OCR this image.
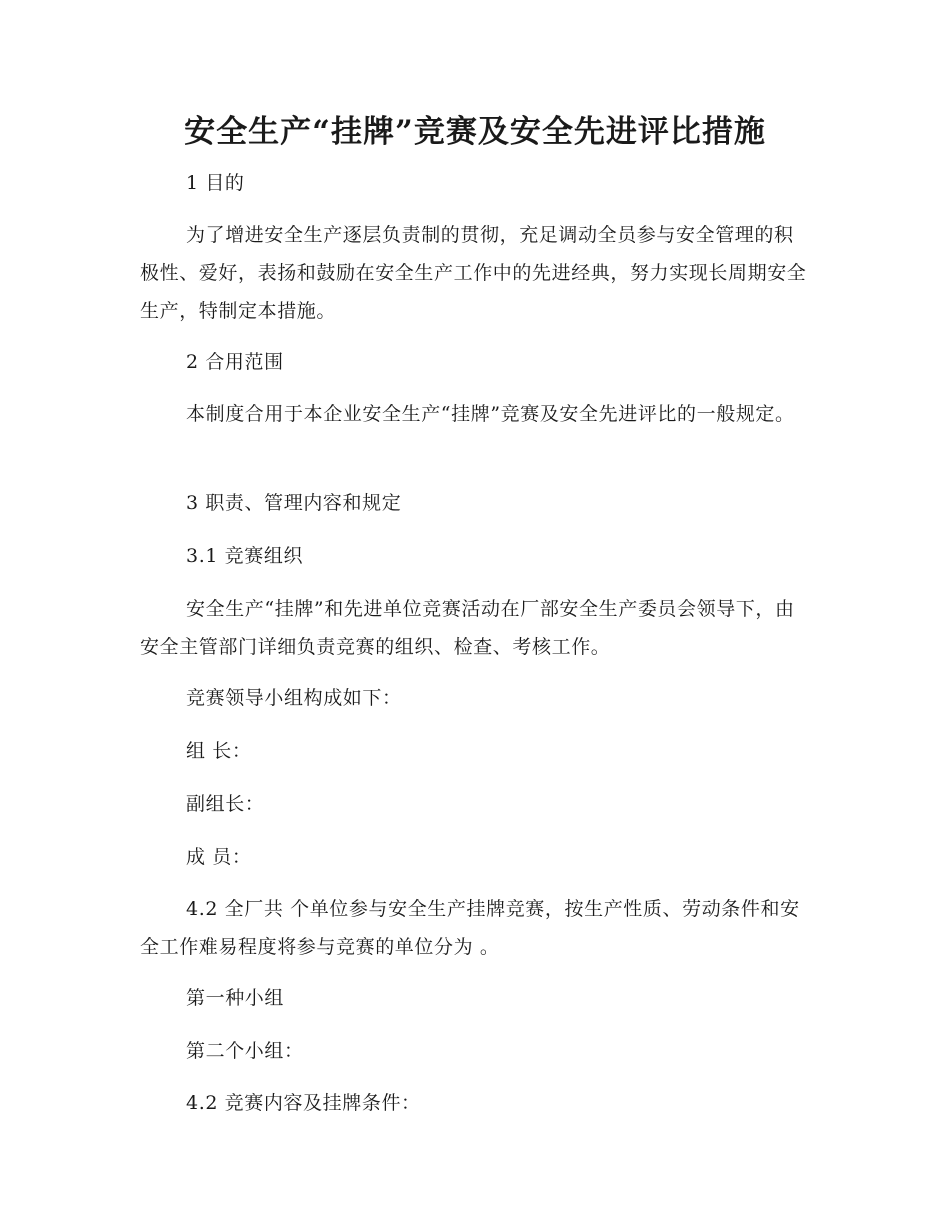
安全生产“挂牌”竞赛及安全先进评比措施

1 目的

为了增进安全生产逐层负责制的贯彻，充足调动全员参与安全管理的积极性、爱好，表扬和鼓励在安全生产工作中的先进经典，努力实现长周期安全生产，特制定本措施。

2 合用范围

本制度合用于本企业安全生产“挂牌”竞赛及安全先进评比的一般规定。

3 职责、管理内容和规定

3.1 竞赛组织

安全生产“挂牌”和先进单位竞赛活动在厂部安全生产委员会领导下，由安全主管部门详细负责竞赛的组织、检查、考核工作。

竞赛领导小组构成如下：

组 长：

副组长：

成 员：

4.2 全厂共 个单位参与安全生产挂牌竞赛，按生产性质、劳动条件和安全工作难易程度将参与竞赛的单位分为 。

第一种小组

第二个小组：

4.2 竞赛内容及挂牌条件：
